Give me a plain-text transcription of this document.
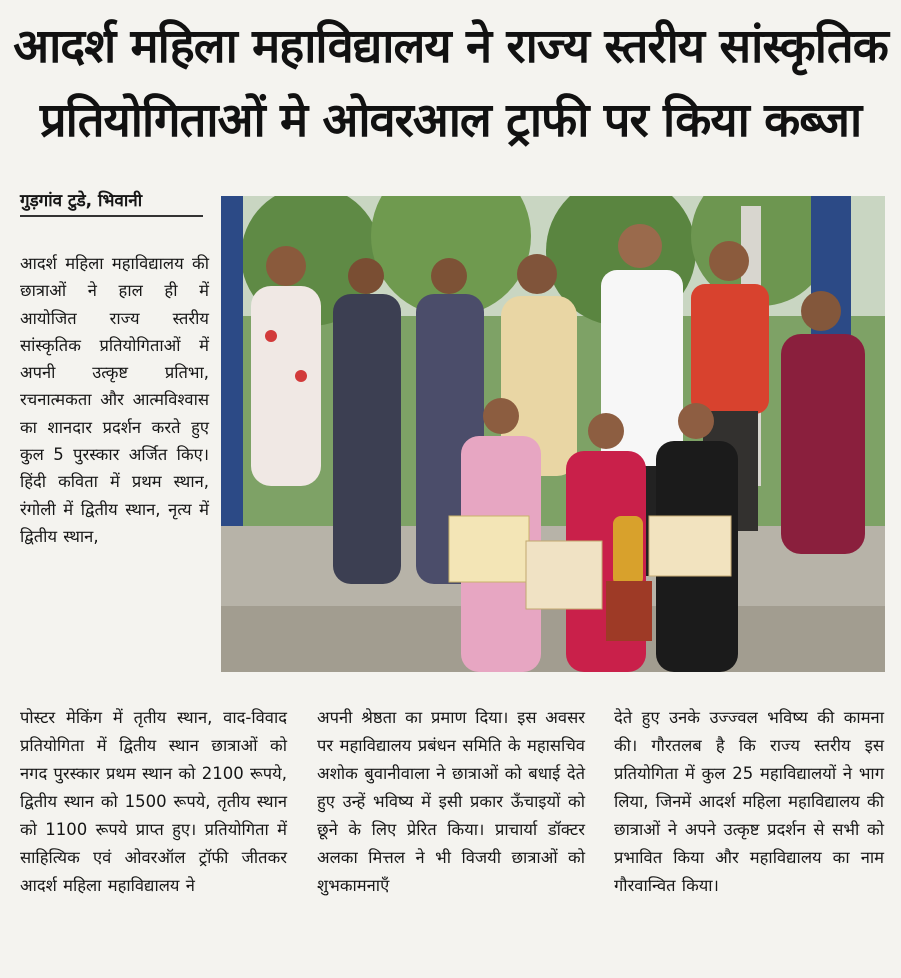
आदर्श महिला महाविद्यालय ने राज्य स्तरीय सांस्कृतिक
प्रतियोगिताओं मे ओवरआल ट्राफी पर किया कब्जा
गुड़गांव टुडे, भिवानी
आदर्श महिला महाविद्यालय की छात्राओं ने हाल ही में आयोजित राज्य स्तरीय सांस्कृतिक प्रतियोगिताओं में अपनी उत्कृष्ट प्रतिभा, रचनात्मकता और आत्मविश्वास का शानदार प्रदर्शन करते हुए कुल 5 पुरस्कार अर्जित किए। हिंदी कविता में प्रथम स्थान, रंगोली में द्वितीय स्थान, नृत्य में द्वितीय स्थान,
पोस्टर मेकिंग में तृतीय स्थान, वाद-विवाद प्रतियोगिता में द्वितीय स्थान छात्राओं को नगद पुरस्कार प्रथम स्थान को 2100 रूपये, द्वितीय स्थान को 1500 रूपये, तृतीय स्थान को 1100 रूपये प्राप्त हुए। प्रतियोगिता में साहित्यिक एवं ओवरऑल ट्रॉफी जीतकर आदर्श महिला महाविद्यालय ने
अपनी श्रेष्ठता का प्रमाण दिया। इस अवसर पर महाविद्यालय प्रबंधन समिति के महासचिव अशोक बुवानीवाला ने छात्राओं को बधाई देते हुए उन्हें भविष्य में इसी प्रकार ऊँचाइयों को छूने के लिए प्रेरित किया। प्राचार्या डॉक्टर अलका मित्तल ने भी विजयी छात्राओं को शुभकामनाएँ
देते हुए उनके उज्ज्वल भविष्य की कामना की। गौरतलब है कि राज्य स्तरीय इस प्रतियोगिता में कुल 25 महाविद्यालयों ने भाग लिया, जिनमें आदर्श महिला महाविद्यालय की छात्राओं ने अपने उत्कृष्ट प्रदर्शन से सभी को प्रभावित किया और महाविद्यालय का नाम गौरवान्वित किया।
